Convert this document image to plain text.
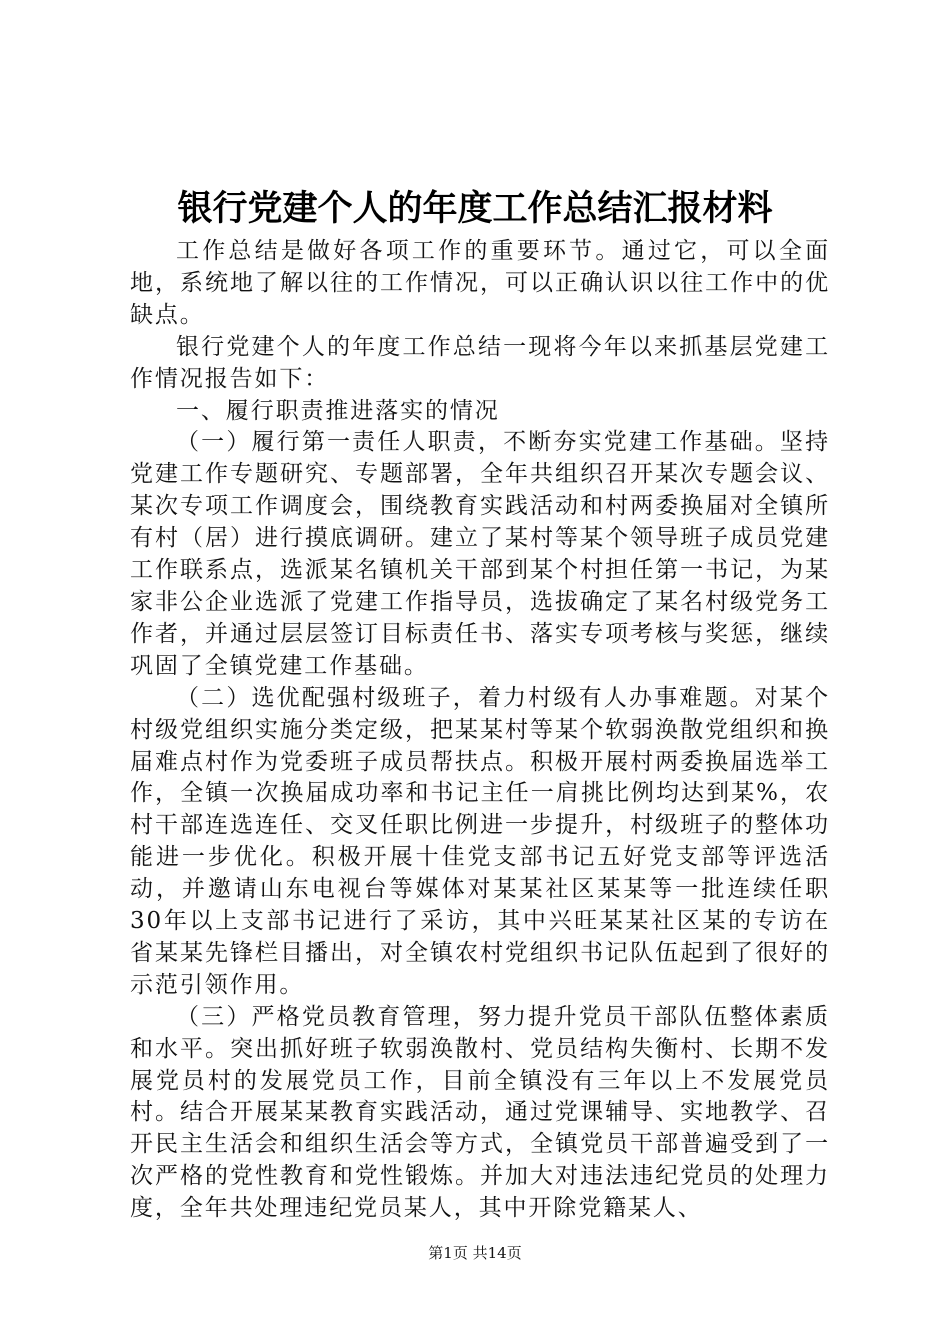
银行党建个人的年度工作总结汇报材料

工作总结是做好各项工作的重要环节。通过它，可以全面地，系统地了解以往的工作情况，可以正确认识以往工作中的优缺点。

银行党建个人的年度工作总结一现将今年以来抓基层党建工作情况报告如下：

一、履行职责推进落实的情况

（一）履行第一责任人职责，不断夯实党建工作基础。坚持党建工作专题研究、专题部署，全年共组织召开某次专题会议、某次专项工作调度会，围绕教育实践活动和村两委换届对全镇所有村（居）进行摸底调研。建立了某村等某个领导班子成员党建工作联系点，选派某名镇机关干部到某个村担任第一书记，为某家非公企业选派了党建工作指导员，选拔确定了某名村级党务工作者，并通过层层签订目标责任书、落实专项考核与奖惩，继续巩固了全镇党建工作基础。

（二）选优配强村级班子，着力村级有人办事难题。对某个村级党组织实施分类定级，把某某村等某个软弱涣散党组织和换届难点村作为党委班子成员帮扶点。积极开展村两委换届选举工作，全镇一次换届成功率和书记主任一肩挑比例均达到某%，农村干部连选连任、交叉任职比例进一步提升，村级班子的整体功能进一步优化。积极开展十佳党支部书记五好党支部等评选活动，并邀请山东电视台等媒体对某某社区某某等一批连续任职30年以上支部书记进行了采访，其中兴旺某某社区某的专访在省某某先锋栏目播出，对全镇农村党组织书记队伍起到了很好的示范引领作用。

（三）严格党员教育管理，努力提升党员干部队伍整体素质和水平。突出抓好班子软弱涣散村、党员结构失衡村、长期不发展党员村的发展党员工作，目前全镇没有三年以上不发展党员村。结合开展某某教育实践活动，通过党课辅导、实地教学、召开民主生活会和组织生活会等方式，全镇党员干部普遍受到了一次严格的党性教育和党性锻炼。并加大对违法违纪党员的处理力度，全年共处理违纪党员某人，其中开除党籍某人、

第1页 共14页
